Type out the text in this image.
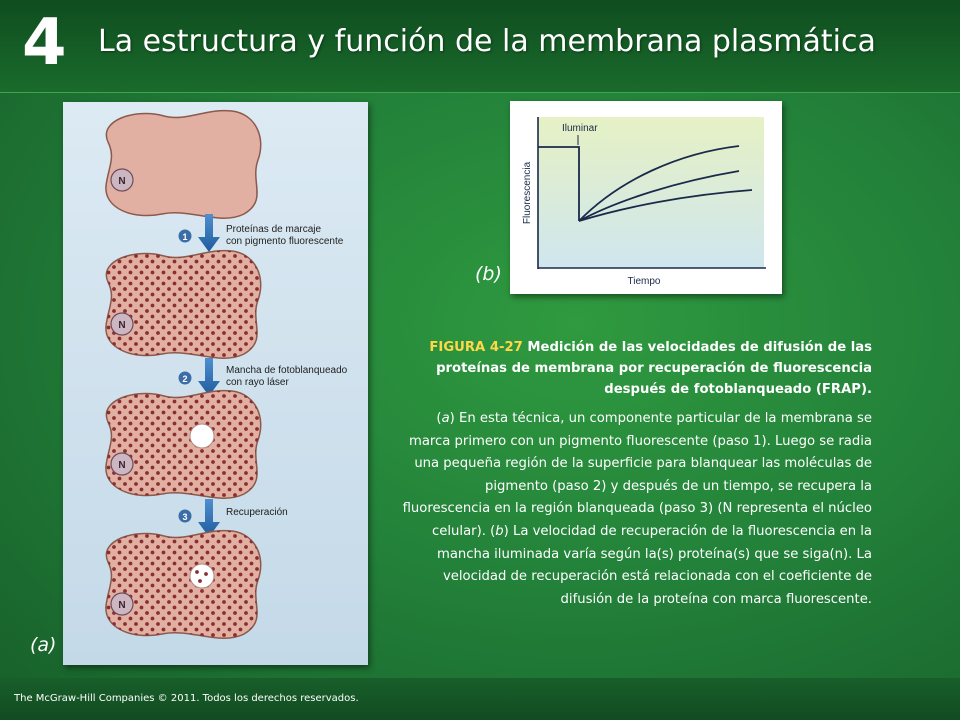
4 La estructura y función de la membrana plasmática
N
1
Proteínas de marcaje
con pigmento fluorescente
N
2
Mancha de fotoblanqueado
con rayo láser
N
3	Recuperación
N
Iluminar
Fluorescencia
Tiempo
(a)
(b)

FIGURA 4-27 Medición de las velocidades de difusión de las proteínas de membrana por recuperación de fluorescencia después de fotoblanqueado (FRAP).

(a) En esta técnica, un componente particular de la membrana se marca primero con un pigmento fluorescente (paso 1). Luego se radia una pequeña región de la superficie para blanquear las moléculas de pigmento (paso 2) y después de un tiempo, se recupera la fluorescencia en la región blanqueada (paso 3) (N representa el núcleo celular). (b) La velocidad de recuperación de la fluorescencia en la mancha iluminada varía según la(s) proteína(s) que se siga(n). La velocidad de recuperación está relacionada con el coeficiente de difusión de la proteína con marca fluorescente.

The McGraw-Hill Companies © 2011. Todos los derechos reservados.
